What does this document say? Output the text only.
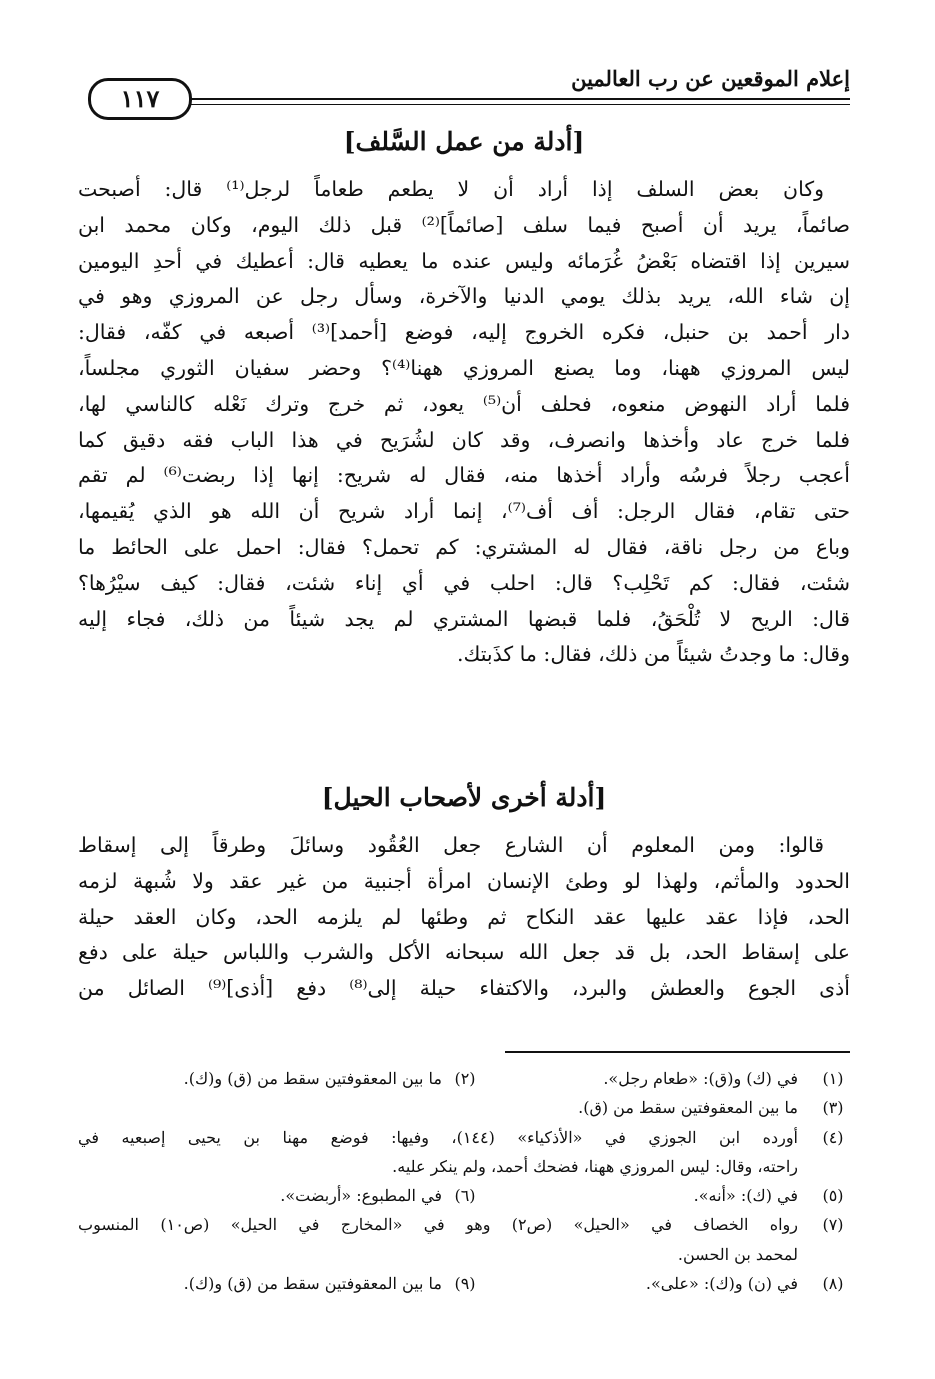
إعلام الموقعين عن رب العالمين
١١٧
[أدلة من عمل السَّلف]
وكان بعض السلف إذا أراد أن لا يطعم طعاماً لرجل⁽¹⁾ قال: أصبحت
صائماً، يريد أن أصبح فيما سلف [صائماً]⁽²⁾ قبل ذلك اليوم، وكان محمد ابن
سيرين إذا اقتضاه بَعْضُ غُرَمائه وليس عنده ما يعطيه قال: أعطيك في أحدِ اليومين
إن شاء الله، يريد بذلك يومي الدنيا والآخرة، وسأل رجل عن المروزي وهو في
دار أحمد بن حنبل، فكره الخروج إليه، فوضع [أحمد]⁽³⁾ أصبعه في كفّه، فقال:
ليس المروزي ههنا، وما يصنع المروزي ههنا⁽⁴⁾؟ وحضر سفيان الثوري مجلساً،
فلما أراد النهوض منعوه، فحلف أن⁽⁵⁾ يعود، ثم خرج وترك نَعْله كالناسي لها،
فلما خرج عاد وأخذها وانصرف، وقد كان لشُرَيح في هذا الباب فقه دقيق كما
أعجب رجلاً فرسُه وأراد أخذها منه، فقال له شريح: إنها إذا ربضت⁽⁶⁾ لم تقم
حتى تقام، فقال الرجل: أف أف⁽⁷⁾، إنما أراد شريح أن الله هو الذي يُقيمها،
وباع من رجل ناقة، فقال له المشتري: كم تحمل؟ فقال: احمل على الحائط ما
شئت، فقال: كم تَحْلِب؟ قال: احلب في أي إناء شئت، فقال: كيف سيْرُها؟
قال: الريح لا تُلْحَقُ، فلما قبضها المشتري لم يجد شيئاً من ذلك، فجاء إليه
وقال: ما وجدتُ شيئاً من ذلك، فقال: ما كذَبتك.
[أدلة أخرى لأصحاب الحيل]
قالوا: ومن المعلوم أن الشارع جعل العُقُود وسائلَ وطرقاً إلى إسقاط
الحدود والمأثم، ولهذا لو وطئ الإنسان امرأة أجنبية من غير عقد ولا شُبهة لزمه
الحد، فإذا عقد عليها عقد النكاح ثم وطئها لم يلزمه الحد، وكان العقد حيلة
على إسقاط الحد، بل قد جعل الله سبحانه الأكل والشرب واللباس حيلة على دفع
أذى الجوع والعطش والبرد، والاكتفاء حيلة إلى⁽⁸⁾ دفع [أذى]⁽⁹⁾ الصائل من
(١)
في (ك) و(ق): «طعام رجل».
(٢)
ما بين المعقوفتين سقط من (ق) و(ك).
(٣)
ما بين المعقوفتين سقط من (ق).
(٤)
أورده ابن الجوزي في «الأذكياء» (١٤٤)، وفيها: فوضع مهنا بن يحيى إصبعيه في
راحته، وقال: ليس المروزي ههنا، فضحك أحمد، ولم ينكر عليه.
(٥)
في (ك): «أنه».
(٦)
في المطبوع: «أربضت».
(٧)
رواه الخصاف في «الحيل» (ص٢) وهو في «المخارج في الحيل» (ص١٠) المنسوب
لمحمد بن الحسن.
(٨)
في (ن) و(ك): «على».
(٩)
ما بين المعقوفتين سقط من (ق) و(ك).
